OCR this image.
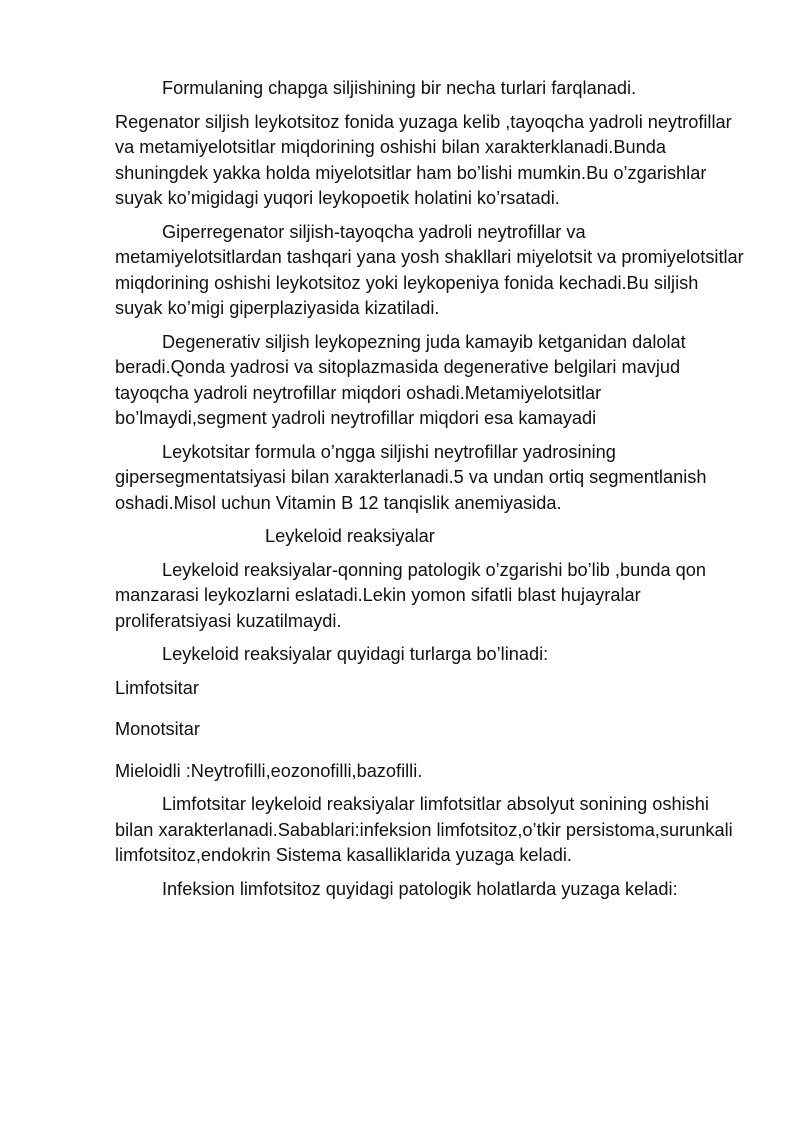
Formulaning chapga siljishining bir necha turlari farqlanadi.

Regenator siljish leykotsitoz fonida yuzaga kelib ,tayoqcha yadroli neytrofillar va metamiyelotsitlar miqdorining oshishi bilan xarakterklanadi.Bunda shuningdek yakka holda miyelotsitlar ham bo’lishi mumkin.Bu o’zgarishlar suyak ko’migidagi yuqori leykopoetik holatini ko’rsatadi.

Giperregenator siljish-tayoqcha yadroli neytrofillar va metamiyelotsitlardan tashqari yana yosh shakllari miyelotsit va promiyelotsitlar miqdorining oshishi leykotsitoz yoki leykopeniya fonida kechadi.Bu siljish suyak ko’migi giperplaziyasida kizatiladi.

Degenerativ siljish leykopezning juda kamayib ketganidan dalolat beradi.Qonda yadrosi va sitoplazmasida degenerative belgilari mavjud tayoqcha yadroli neytrofillar miqdori oshadi.Metamiyelotsitlar bo’lmaydi,segment yadroli neytrofillar miqdori esa kamayadi

Leykotsitar formula o’ngga siljishi neytrofillar yadrosining gipersegmentatsiyasi bilan xarakterlanadi.5 va undan ortiq segmentlanish oshadi.Misol uchun Vitamin B 12 tanqislik anemiyasida.

Leykeloid reaksiyalar

Leykeloid reaksiyalar-qonning patologik o’zgarishi bo’lib ,bunda qon manzarasi leykozlarni eslatadi.Lekin yomon sifatli blast hujayralar proliferatsiyasi kuzatilmaydi.

Leykeloid reaksiyalar quyidagi turlarga bo’linadi:

Limfotsitar

Monotsitar

Mieloidli :Neytrofilli,eozonofilli,bazofilli.

Limfotsitar leykeloid reaksiyalar limfotsitlar absolyut sonining oshishi bilan xarakterlanadi.Sabablari:infeksion limfotsitoz,o’tkir persistoma,surunkali limfotsitoz,endokrin Sistema kasalliklarida yuzaga keladi.

Infeksion limfotsitoz quyidagi patologik holatlarda yuzaga keladi:
